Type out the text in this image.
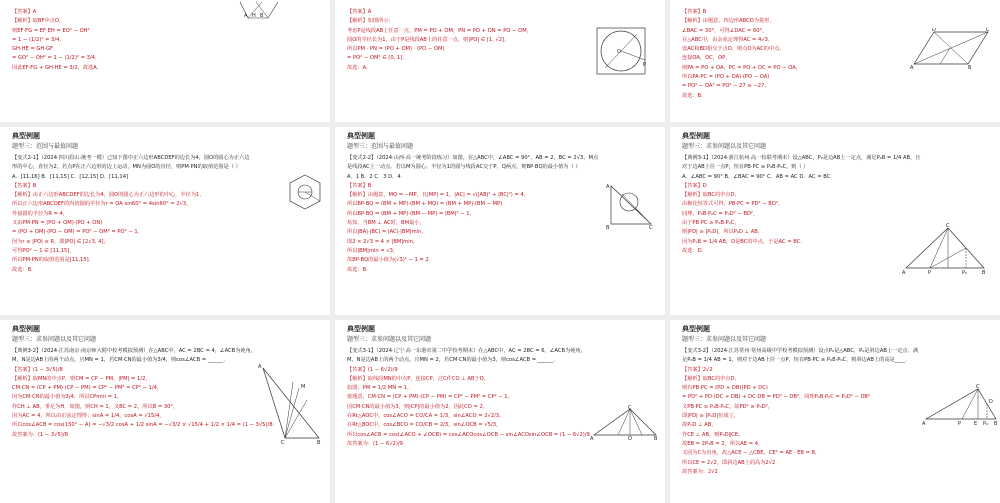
【答案】A
【解析】取BF中点O，
则EF·FG = EF·EH = EO² − OH²
= 1 − (1/2)² = 3/4，
GH·HE = GH·GF
= GO² − OH² = 1 − (1/2)² = 3/4，
因此EF·FG + GH·HE = 3/2，故选A.
A H B
【答案】A
【解析】如图所示：
考虑P是线段AB上任意一点，PM = PO + OM，PN = PO + ON = PO − OM，
圆O的半径长为1，由于P是线段AB上的任意一点，则|PO| ∈ [1, √2]，
所以PM · PN = (PO + OM) · (PO − OM)
= PO² − OM² ∈ [0, 1].
故选：A.
O
P
【答案】B
【解析】由题意，四边形ABCD为菱形，
∠BAC = 30°，可得∠DAC = 60°，
在△ABC中，由余弦定理得AC = 4√3，
设AC和BD相交于点O，则点O为AC的中点，
连接OA，OC，OP，
则PA = PO + OA，PC = PO + OC = PO − OA，
所以PA·PC = (PO + OA)·(PO − OA)
= PO² − OA² = PO² − 27 ≥ −27.
故选：B.
A
D	C
B
典型例题
题型三：范围与最值问题
【变式2-1】（2024·四川眉山·统考一模）已知下图中正六边形ABCDEF的边长为4，圆O的圆心为正六边
形的中心，直径为2，若点P在正六边形的边上运动，MN为圆O的直径，则PM·PN的取值范围是（ ）
A．[11,16] B．[11,15] C．[12,15] D．[11,14]
【答案】B
【解析】由正六边形ABCDEF的边长为4，圆O的圆心为正六边形的中心，半径为1，
所以正六边形ABCDEF的内切圆的半径为r = OA sin60° = 4sin60° = 2√3，
外接圆的半径为R = 4，
又由PM·PN = (PO + OM)·(PO + ON)
= (PO + OM)·(PO − OM) = PO² − OM² = PO² − 1，
因为r ≤ |PO| ≤ R，即|PO| ∈ [2√3, 4]，
可得PO² − 1 ∈ [11,15]，
所以PM·PN的取值范围是[11,15].
故选：B.
典型例题
题型三：范围与最值问题
【变式2-2】（2024·山西·高一统考阶段练习）如图，在△ABC中，∠ABC = 90°，AB = 2，BC = 2√3，M点
是线段AC上一动点．若以M为圆心、半径为1的圆与线段AC交于P、Q两点，则BP·BQ的最小值为（ ）
A．1 B．2 C．3 D．4
【答案】B
【解析】由题意，MQ = −MP，且|MP| = 1，|AC| = √(|AB|² + |BC|²) = 4，
所以BP·BQ = (BM + MP)·(BM + MQ) = (BM + MP)·(BM − MP)
所以BP·BQ = (BM + MP)·(BM − MP) = |BM|² − 1，
易知，当BM ⊥ AC时，BM最小，
所以|BA|·|BC| = |AC|·|BM|min，
即2 × 2√3 = 4 × |BM|min，
所以|BM|min = √3，
故BP·BQ的最小值为(√3)² − 1 = 2.
故选：B.
B	C
A
典型例题
题型三：求参问题以及其它问题
【典例3-1】（2024·浙江杭州·高一校联考期末）设△ABC，P₀是边AB上一定点，满足P₀B = 1/4 AB，且
对于边AB上任一点P，恒有PB·PC ≥ P₀B·P₀C，则（ ）
A．∠ABC = 90° B．∠BAC = 90° C．AB = AC D．AC = BC
【答案】D
【解析】取BC的中点D，
由极化恒等式可得，PB·PC = PD² − BD²，
同理，P₀B·P₀C = P₀D² − BD²，
由于PB·PC ≥ P₀B·P₀C，
则|PD| ≥ |P₀D|，所以P₀D ⊥ AB，
因为P₀B = 1/4 AB，D是BC的中点，于是AC = BC.
故选：D.
A	B
C
P	P₀
典型例题
题型三：求参问题以及其它问题
【典例3-2】（2024·江苏南京·南京师大附中校考模拟预测）在△ABC中，AC = 2BC = 4，∠ACB为钝角，
M，N是边AB上的两个动点，且MN = 1，若CM·CN的最小值为3/4，则cos∠ACB = ______．
【答案】(1 − 3√5)/8
【解析】取MN的中点P，则CM = CP − PM，|PM| = 1/2，
CM·CN = (CP + PM)·(CP − PM) = CP² − PM² = CP² − 1/4，
因为CM·CN的最小值为3/4，所以CPmin = 1，
作CH ⊥ AB，垂足为H，如图，则CH = 1，又BC = 2，所以B = 30°，
因为AC = 4，所以由正弦定理得：sinA = 1/4，cosA = √15/4，
所以cos∠ACB = cos(150° − A) = −√3/2 cosA + 1/2 sinA = −√3/2 × √15/4 + 1/2 × 1/4 = (1 − 3√5)/8.
故答案为：(1 − 3√5)/8
A
B
C
M
典型例题
题型三：求参问题以及其它问题
【变式3-1】（2024·辽宁·高一东港市第二中学校考期末）在△ABC中，AC = 2BC = 6，∠ACB为钝角，
M，N是边AB上的两个动点，且MN = 2，若CM·CN的最小值为3，则cos∠ACB = ______．
【答案】(1 − 6√2)/9
【解析】取线段MN的中点P，连接CP，过C作CO ⊥ AB于O，
如图，PM = 1/2 MN = 1，
依题意，CM·CN = (CP + PM)·(CP − PM) = CP² − PM² = CP² − 1，
因CM·CN的最小值为3，则|CP|的最小值为2，因此CO = 2，
在Rt△AOC中，cos∠ACO = CO/CA = 1/3，sin∠ACO = 2√2/3，
在Rt△BOC中，cos∠BCO = CO/CB = 2/3，sin∠OCB = √5/3，
所以cos∠ACB = cos(∠ACO + ∠OCB) = cos∠ACOcos∠OCB − sin∠ACOsin∠OCB = (1 − 6√2)/9.
故答案为：(1 − 6√2)/9
A	B
C
O
典型例题
题型三：求参问题以及其它问题
【变式3-2】（2024·江苏常州·常州高级中学校考模拟预测）设点P₀是△ABC，P₀是斜边AB上一定点．满
足P₀B = 1/4 AB = 1，则对于边AB上任一点P，恒有PB·PC ≥ P₀B·P₀C，则斜边AB上的高是____．
【答案】2√2
【解析】取BC的中点D，
则有PB·PC = (PD + DB)(PD + DC)
= PD² + PD·(DC + DB) + DC·DB = PD² − DB²，同理P₀B·P₀C = P₀D² − DB²
又PB·PC ≥ P₀B·P₀C，故PD² ≥ P₀D²，
即|PD| ≥ |P₀D|恒成立，
故P₀D ⊥ AB，
作CE ⊥ AB，则P₀D∥CE，
故EB = 2P₀B = 2，所以AE = 4，
又因为C为直角，故△ACE ∽ △CBE，CE² = AE · EB = 8，
所以CE = 2√2，即斜边AB上的高为2√2
故答案为：2√2
A	P	E P₀ B
C
D
